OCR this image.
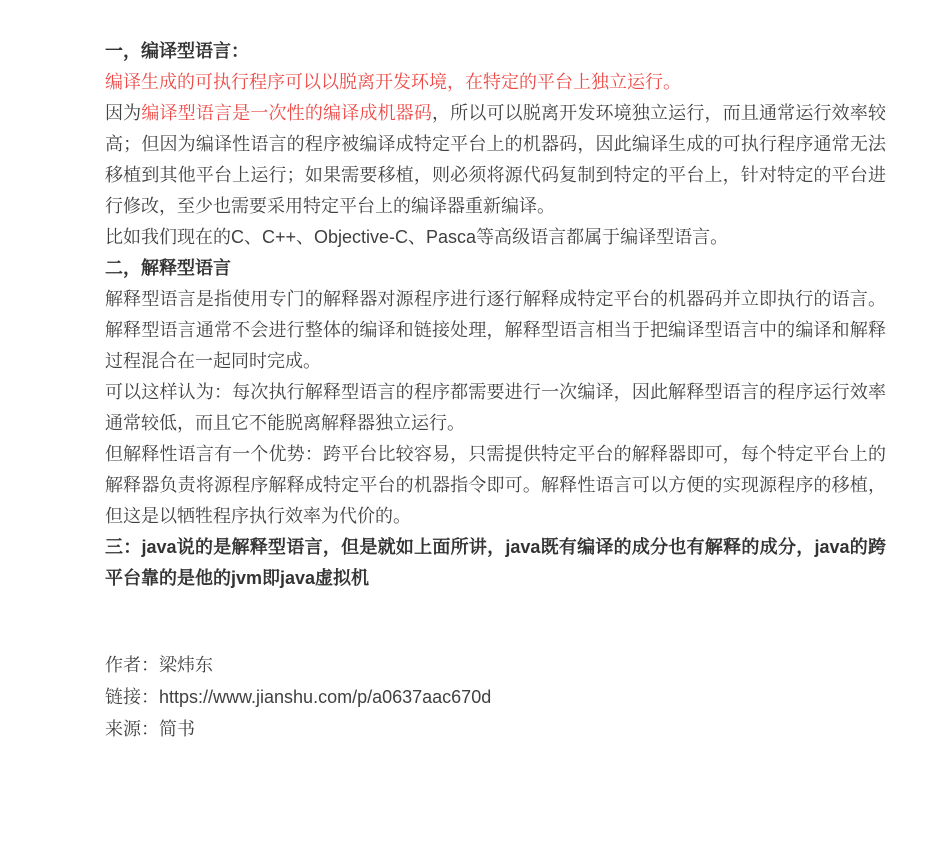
一，编译型语言：

编译生成的可执行程序可以以脱离开发环境，在特定的平台上独立运行。

因为编译型语言是一次性的编译成机器码，所以可以脱离开发环境独立运行，而且通常运行效率较高；但因为编译性语言的程序被编译成特定平台上的机器码，因此编译生成的可执行程序通常无法移植到其他平台上运行；如果需要移植，则必须将源代码复制到特定的平台上，针对特定的平台进行修改，至少也需要采用特定平台上的编译器重新编译。

比如我们现在的C、C++、Objective-C、Pasca等高级语言都属于编译型语言。

二，解释型语言

解释型语言是指使用专门的解释器对源程序进行逐行解释成特定平台的机器码并立即执行的语言。解释型语言通常不会进行整体的编译和链接处理，解释型语言相当于把编译型语言中的编译和解释过程混合在一起同时完成。

可以这样认为：每次执行解释型语言的程序都需要进行一次编译，因此解释型语言的程序运行效率通常较低，而且它不能脱离解释器独立运行。

但解释性语言有一个优势：跨平台比较容易，只需提供特定平台的解释器即可，每个特定平台上的解释器负责将源程序解释成特定平台的机器指令即可。解释性语言可以方便的实现源程序的移植，但这是以牺牲程序执行效率为代价的。

三：java说的是解释型语言，但是就如上面所讲，java既有编译的成分也有解释的成分，java的跨平台靠的是他的jvm即java虚拟机

作者：梁炜东

链接：https://www.jianshu.com/p/a0637aac670d

来源：简书
